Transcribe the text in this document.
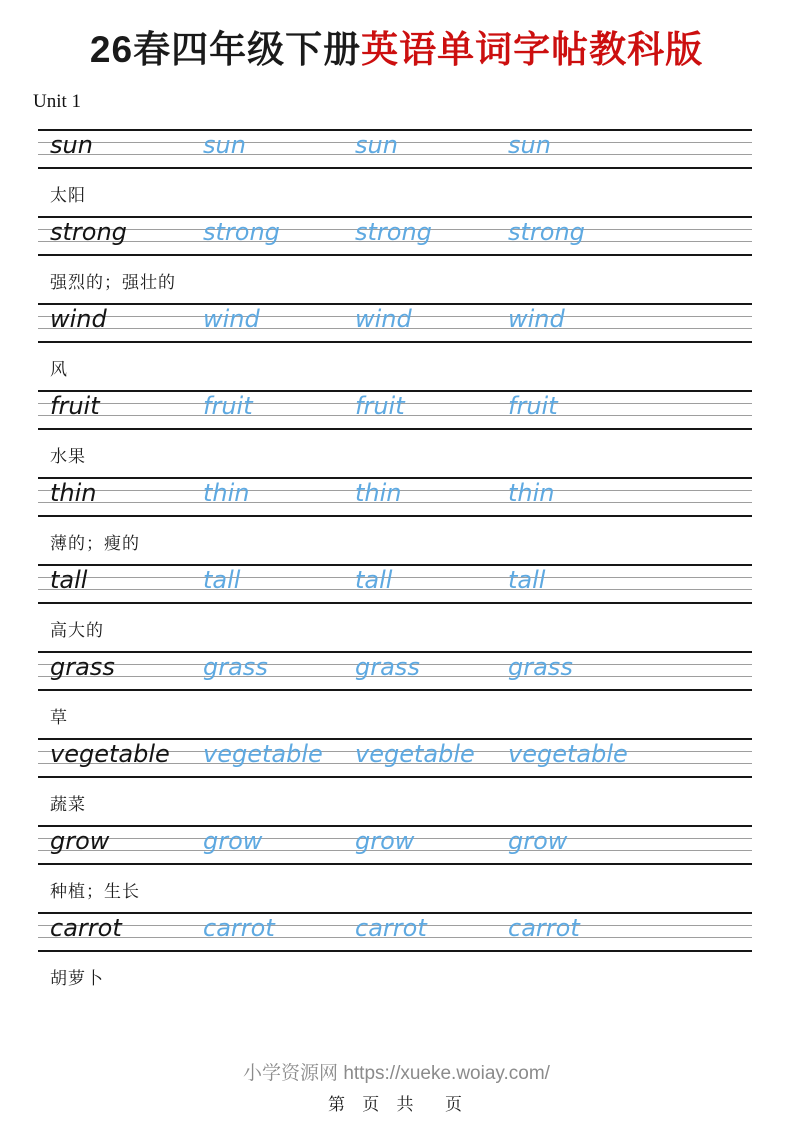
26春四年级下册英语单词字帖教科版
Unit 1
sun	sun	sun	sun
太阳
strong	strong	strong	strong
强烈的；强壮的
wind	wind	wind	wind
风
fruit	fruit	fruit	fruit
水果
thin	thin	thin	thin
薄的；瘦的
tall	tall	tall	tall
高大的
grass	grass	grass	grass
草
vegetable vegetable vegetable vegetable
蔬菜
grow	grow	grow	grow
种植；生长
carrot	carrot	carrot	carrot
胡萝卜
小学资源网 https://xueke.woiay.com/
第 页 共  页
